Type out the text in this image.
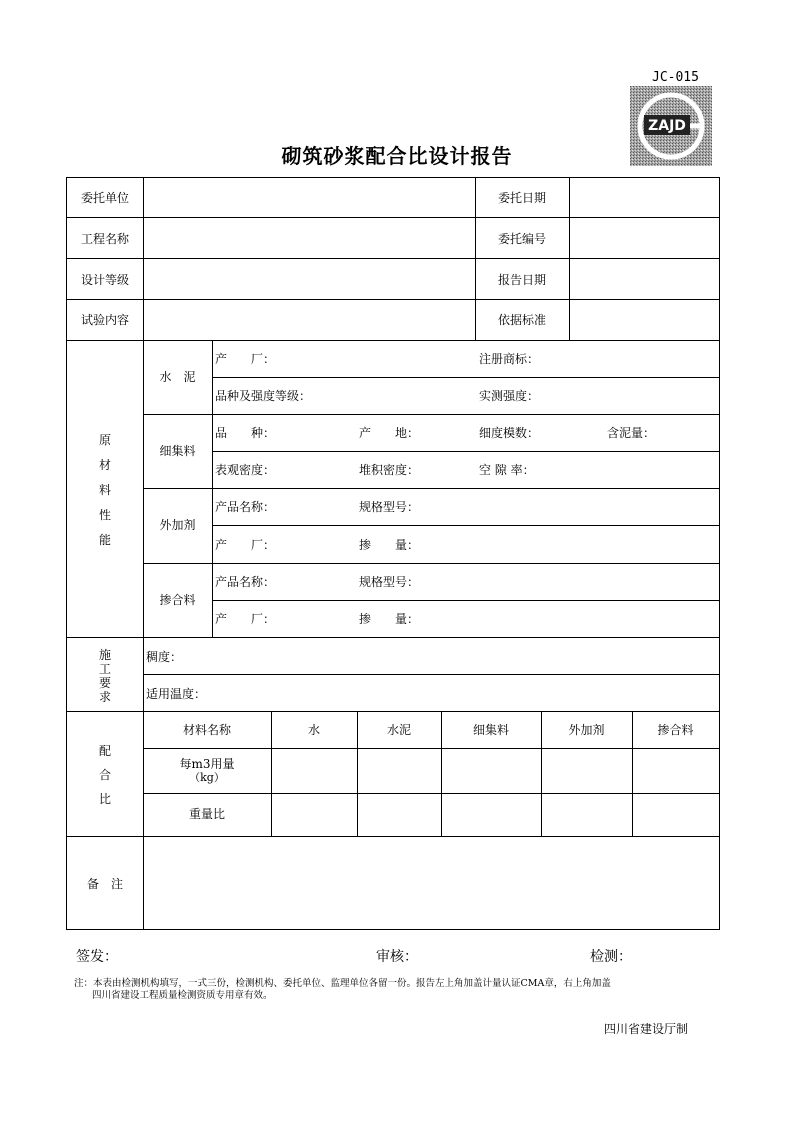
JC-015
ZAJD
砌筑砂浆配合比设计报告
委托单位	委托日期
工程名称	委托编号
设计等级	报告日期
试验内容	依据标准
原
材
料
性
能
水　泥
产　　厂：	注册商标：
品种及强度等级：	实测强度：
细集料
品　　种：	产　　地：	细度模数：	含泥量：
表观密度：	堆积密度：	空 隙 率：
外加剂
产品名称：	规格型号：
产　　厂：	掺　　量：
掺合料
产品名称：	规格型号：
产　　厂：	掺　　量：
施
工
要
求
稠度：
适用温度：
配
合
比
材料名称	水	水泥	细集料	外加剂	掺合料
每m3用量
（kg）
重量比
备　注
签发：	审核：	检测：
注：本表由检测机构填写，一式三份，检测机构、委托单位、监理单位各留一份。报告左上角加盖计量认证CMA章，右上角加盖
四川省建设工程质量检测资质专用章有效。
四川省建设厅制
